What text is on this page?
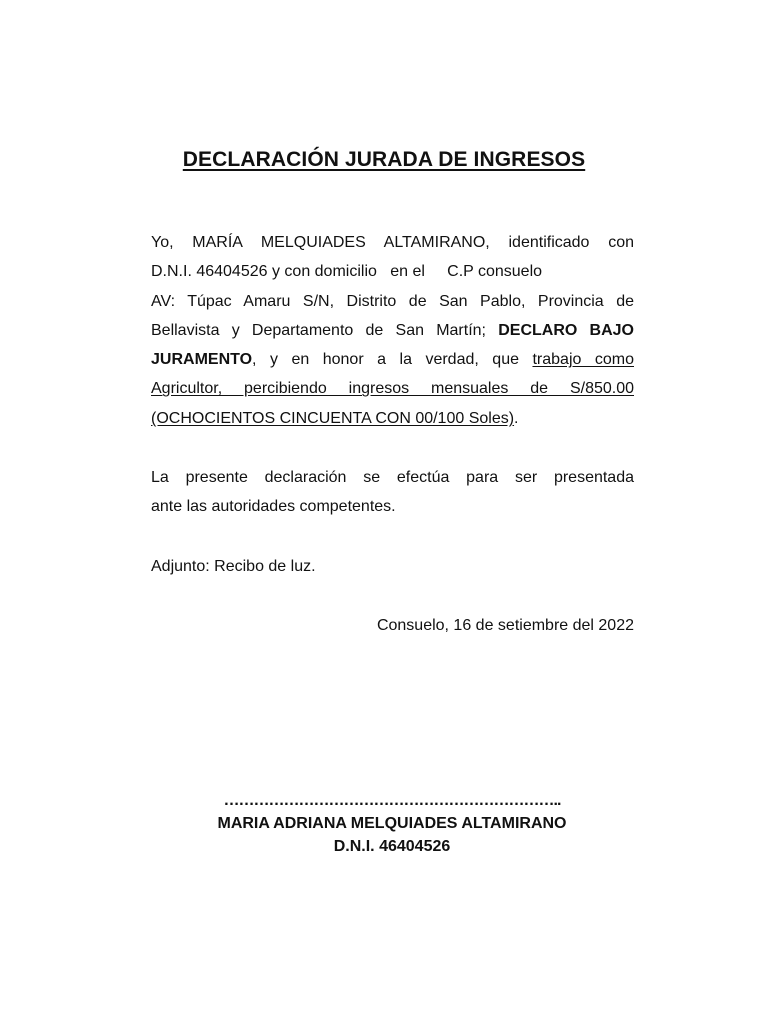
DECLARACIÓN JURADA DE INGRESOS
Yo, MARÍA MELQUIADES ALTAMIRANO, identificado con
D.N.I. 46404526 y con domicilio   en el     C.P consuelo
AV: Túpac Amaru S/N, Distrito de San Pablo, Provincia de
Bellavista y Departamento de San Martín; DECLARO BAJO
JURAMENTO, y en honor a la verdad, que trabajo como
Agricultor, percibiendo ingresos mensuales de S/850.00
(OCHOCIENTOS CINCUENTA CON 00/100 Soles).
La presente declaración se efectúa para ser presentada
ante las autoridades competentes.
Adjunto: Recibo de luz.
Consuelo, 16 de setiembre del 2022
…………………………………………………………..
MARIA ADRIANA MELQUIADES ALTAMIRANO
D.N.I. 46404526
